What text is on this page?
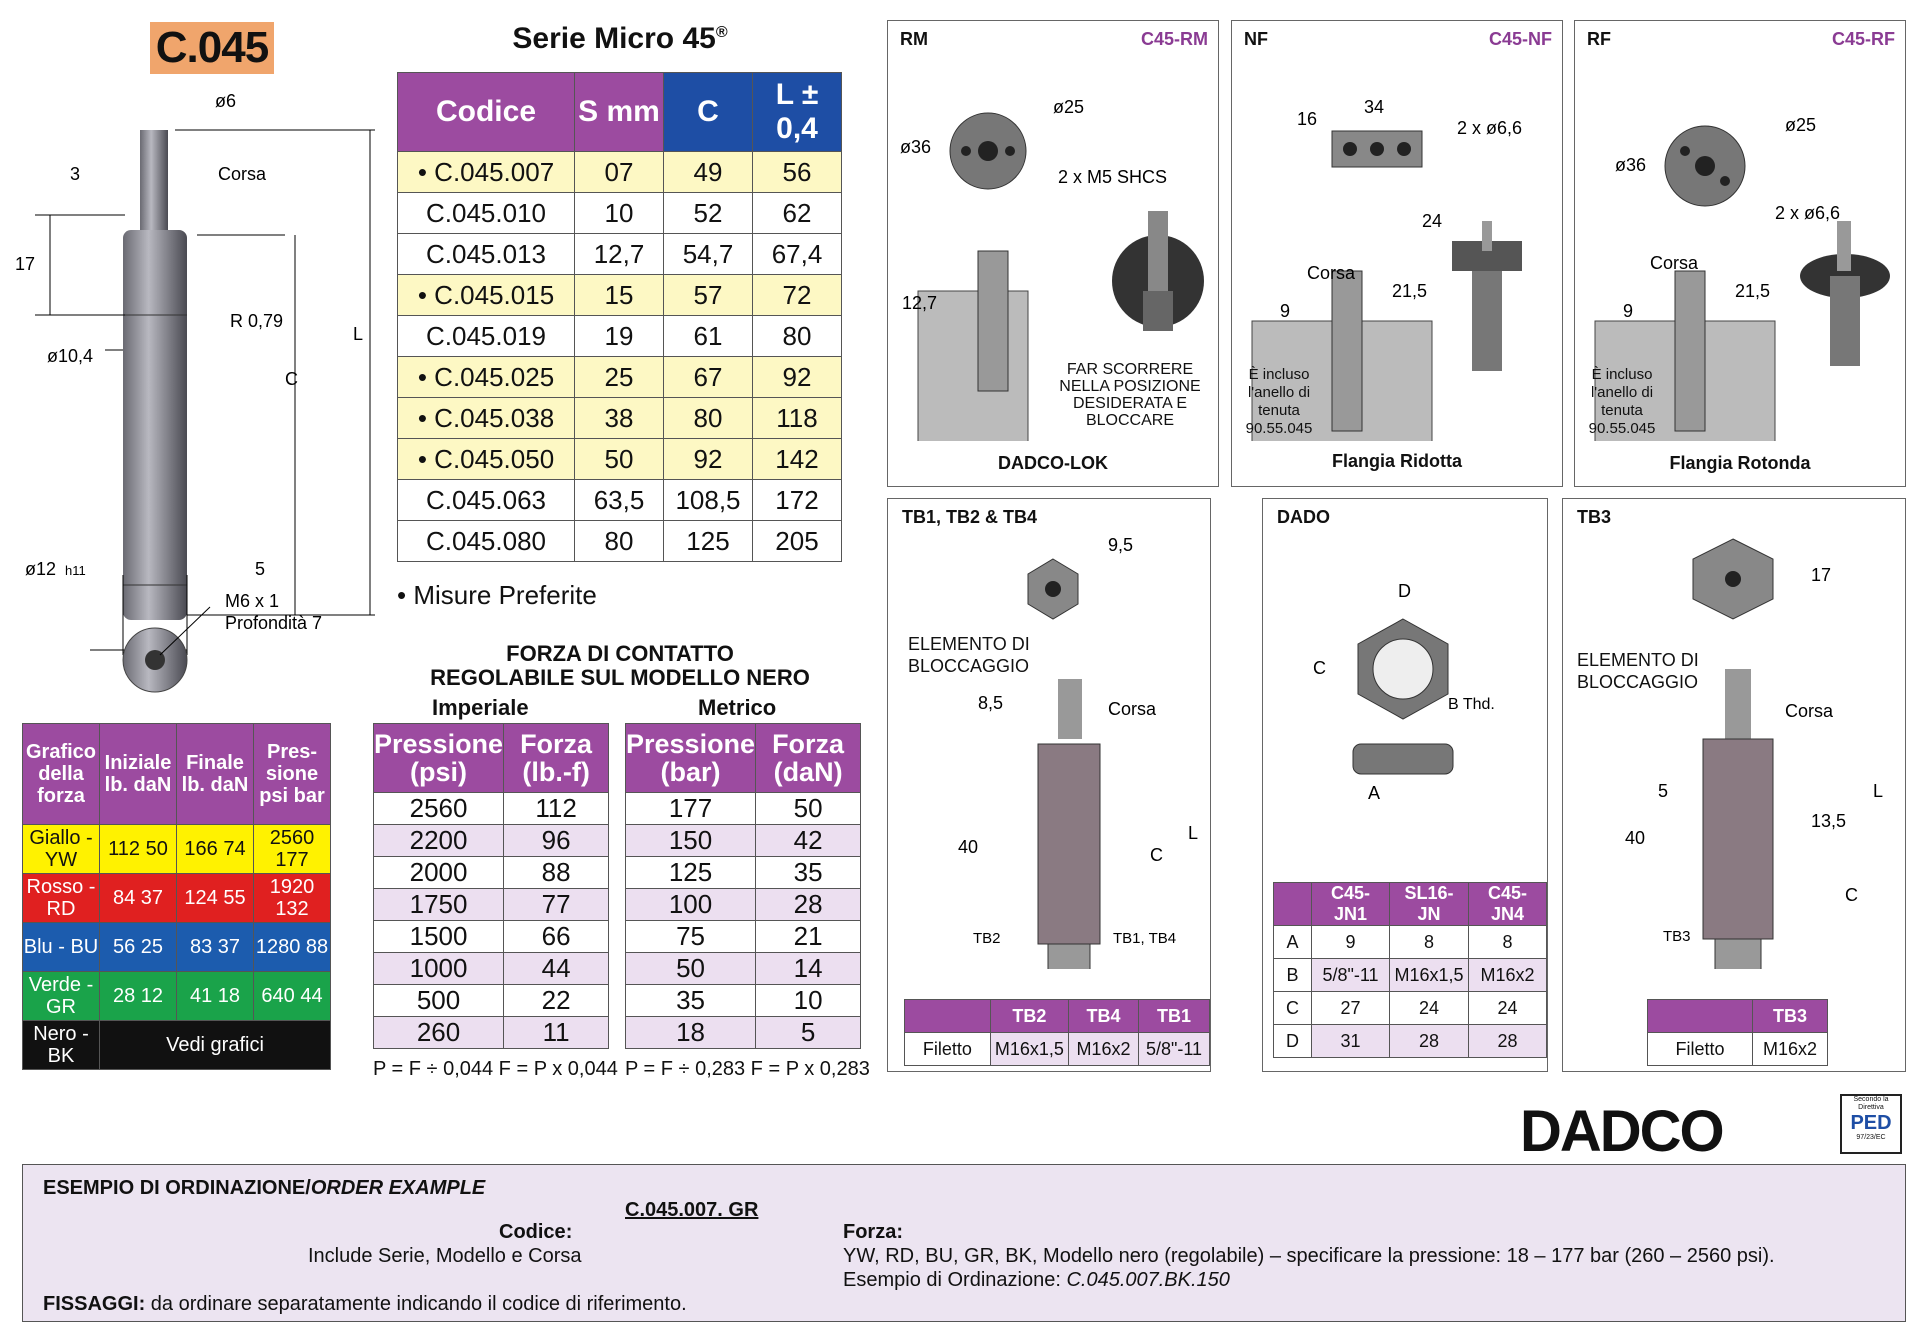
C.045	Serie Micro 45®
ø6
3	Corsa
17
R 0,79
ø10,4
L
C
ø12 h11	5
M6 x 1
Profondità 7
Codice	S mm	C	L ± 0,4
• C.045.007	07	49	56
C.045.010	10	52	62
C.045.013	12,7	54,7	67,4
• C.045.015	15	57	72
C.045.019	19	61	80
• C.045.025	25	67	92
• C.045.038	38	80	118
• C.045.050	50	92	142
C.045.063	63,5	108,5	172
C.045.080	80	125	205
• Misure Preferite
FORZA DI CONTATTO
REGOLABILE SUL MODELLO NERO
Imperiale	Metrico
Pressione (psi)	Forza (lb.-f)
2560	112
2200	96
2000	88
1750	77
1500	66
1000	44
500	22
260	11
Pressione (bar)	Forza (daN)
177	50
150	42
125	35
100	28
75	21
50	14
35	10
18	5
P = F ÷ 0,044 F = P x 0,044 P = F ÷ 0,283 F = P x 0,283
Grafico della forza	Iniziale lb. daN	Finale lb. daN	Pres- sione psi bar
Giallo - YW	112 50	166 74	2560 177
Rosso - RD	84 37	124 55	1920 132
Blu - BU	56 25	83 37	1280 88
Verde - GR	28 12	41 18	640 44
Nero - BK	Vedi grafici		
RM	C45-RM
ø25
ø36
2 x M5 SHCS
12,7
FAR SCORRERE NELLA POSIZIONE DESIDERATA E BLOCCARE
DADCO-LOK
NF	C45-NF
16
34
2 x ø6,6
24
Corsa
21,5
9
È incluso l'anello di tenuta 90.55.045
Flangia Ridotta
RF	C45-RF
ø25
ø36
2 x ø6,6
Corsa
21,5
9
È incluso l'anello di tenuta 90.55.045
Flangia Rotonda
TB1, TB2 & TB4
9,5
8,5	Corsa
40
L
C
TB2	TB1, TB4
ELEMENTO DI BLOCCAGGIO
	TB2	TB4	TB1
Filetto	M16x1,5	M16x2	5/8"-11
DADO
D
C
B Thd.
A
	C45-JN1	SL16-JN	C45-JN4
A	9	8	8
B	5/8"-11	M16x1,5	M16x2
C	27	24	24
D	31	28	28
TB3
17
Corsa
5
13,5
40
L
C
TB3
ELEMENTO DI BLOCCAGGIO
	TB3
Filetto	M16x2
DADCO	Secondo la Direttiva
PED
97/23/EC
ESEMPIO DI ORDINAZIONE/ORDER EXAMPLE
C.045.007. GR
Codice:
Include Serie, Modello e Corsa
Forza:
YW, RD, BU, GR, BK, Modello nero (regolabile) – specificare la pressione: 18 – 177 bar (260 – 2560 psi).
Esempio di Ordinazione: C.045.007.BK.150
FISSAGGI: da ordinare separatamente indicando il codice di riferimento.
